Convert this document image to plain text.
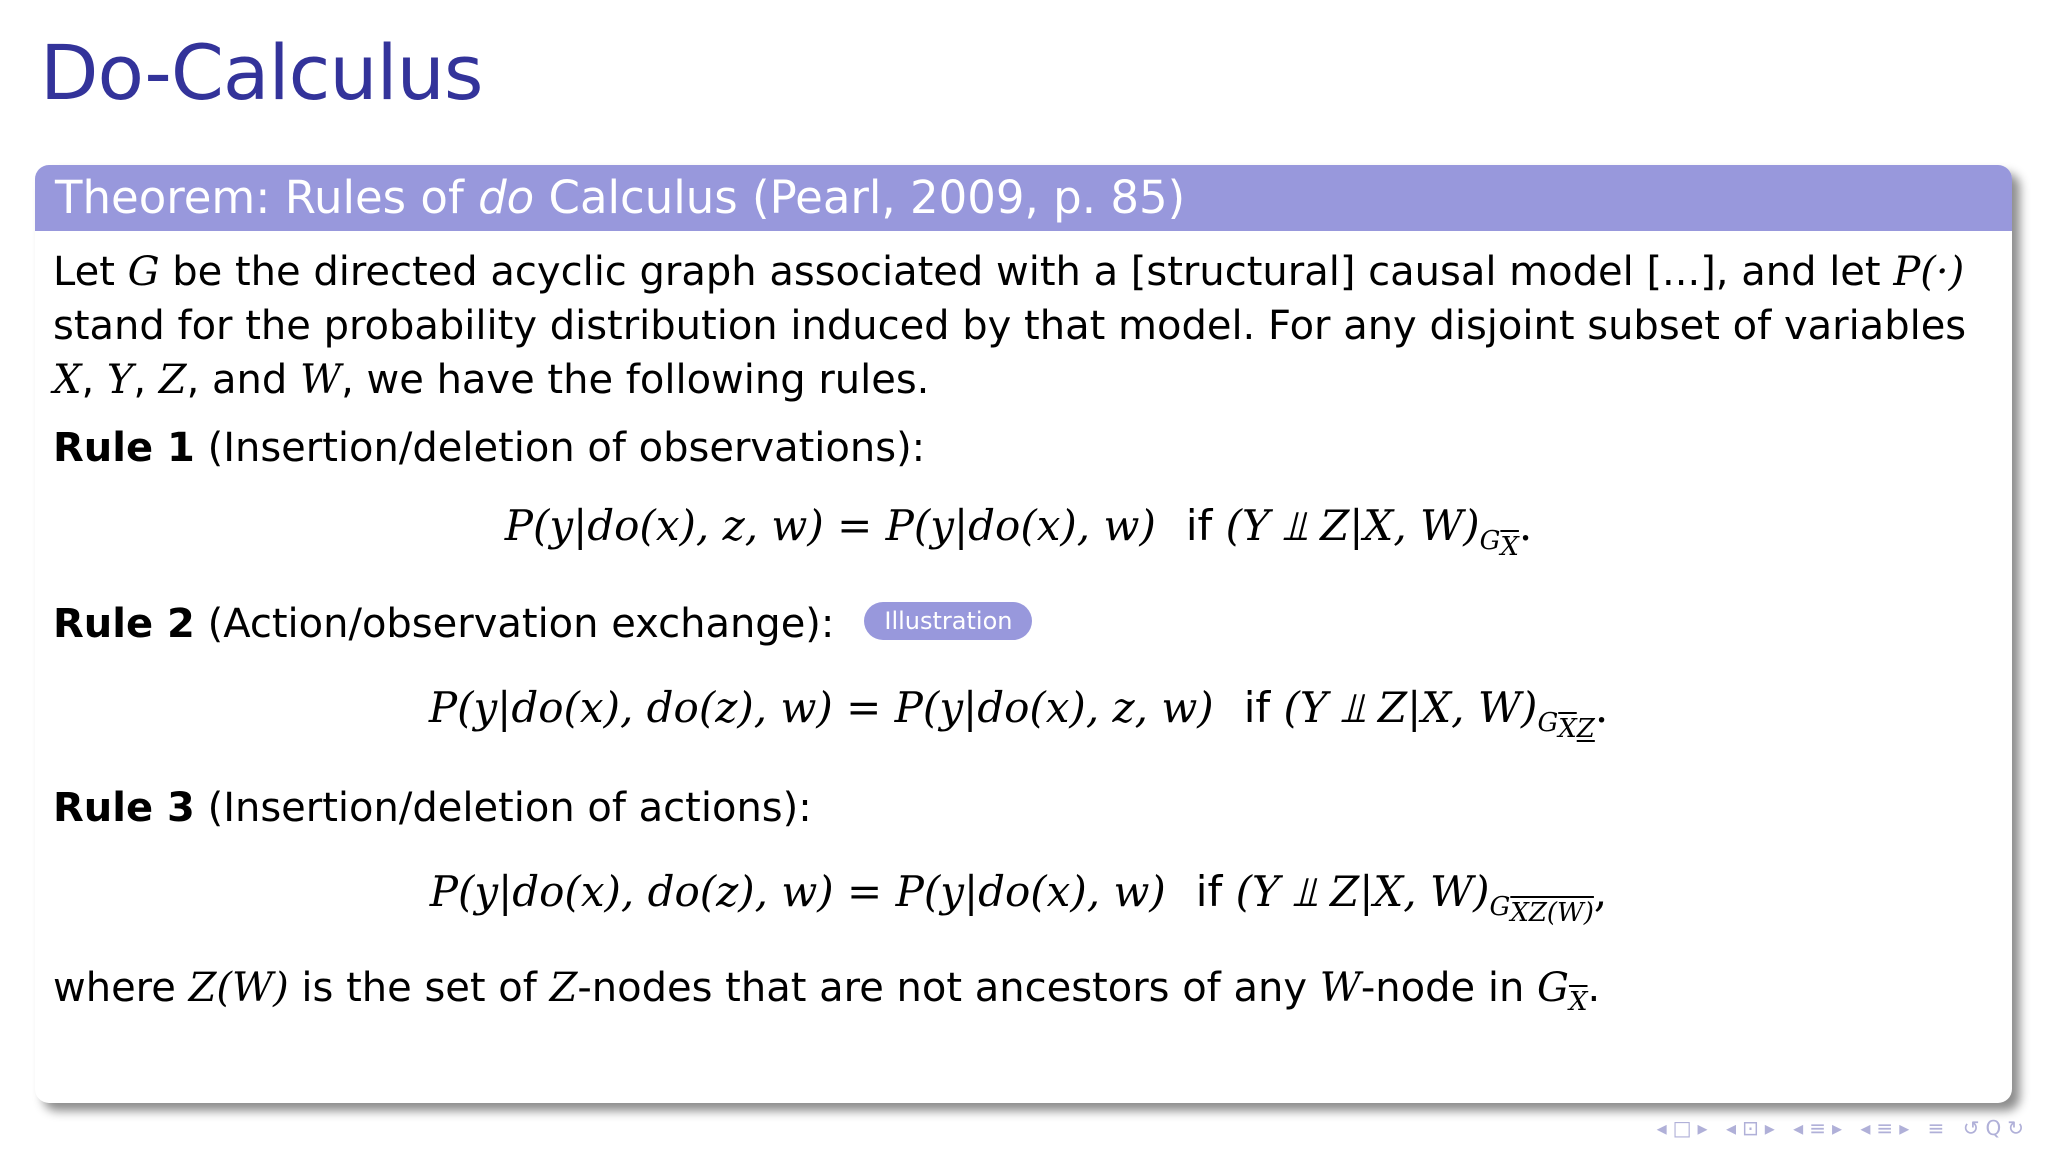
Do-Calculus
Theorem: Rules of do Calculus (Pearl, 2009, p. 85)
Let G be the directed acyclic graph associated with a [structural] causal model [...], and let P(·) stand for the probability distribution induced by that model. For any disjoint subset of variables X, Y, Z, and W, we have the following rules.
Rule 1 (Insertion/deletion of observations):
P(y|do(x), z, w) = P(y|do(x), w) if (Y ⫫ Z|X, $W)_{G_{\overline{X}}}$.
Rule 2 (Action/observation exchange): Illustration
P(y|do(x), do(z), w) = P(y|do(x), z, w) if (Y ⫫ Z|X, $W)_{G_{\overline{X}Z}}$.
Rule 3 (Insertion/deletion of actions):
P(y|do(x), do(z), w) = P(y|do(x), w) if (Y ⫫ Z|X, $W)_{G_{XZ(W)}}$,
where Z(W) is the set of Z-nodes that are not ancestors of any W-node in $G_{\overline{X}}$.
◂□▸ ◂⊡▸ ◂≡▸ ◂≡▸ ≡ ↺Q↻
